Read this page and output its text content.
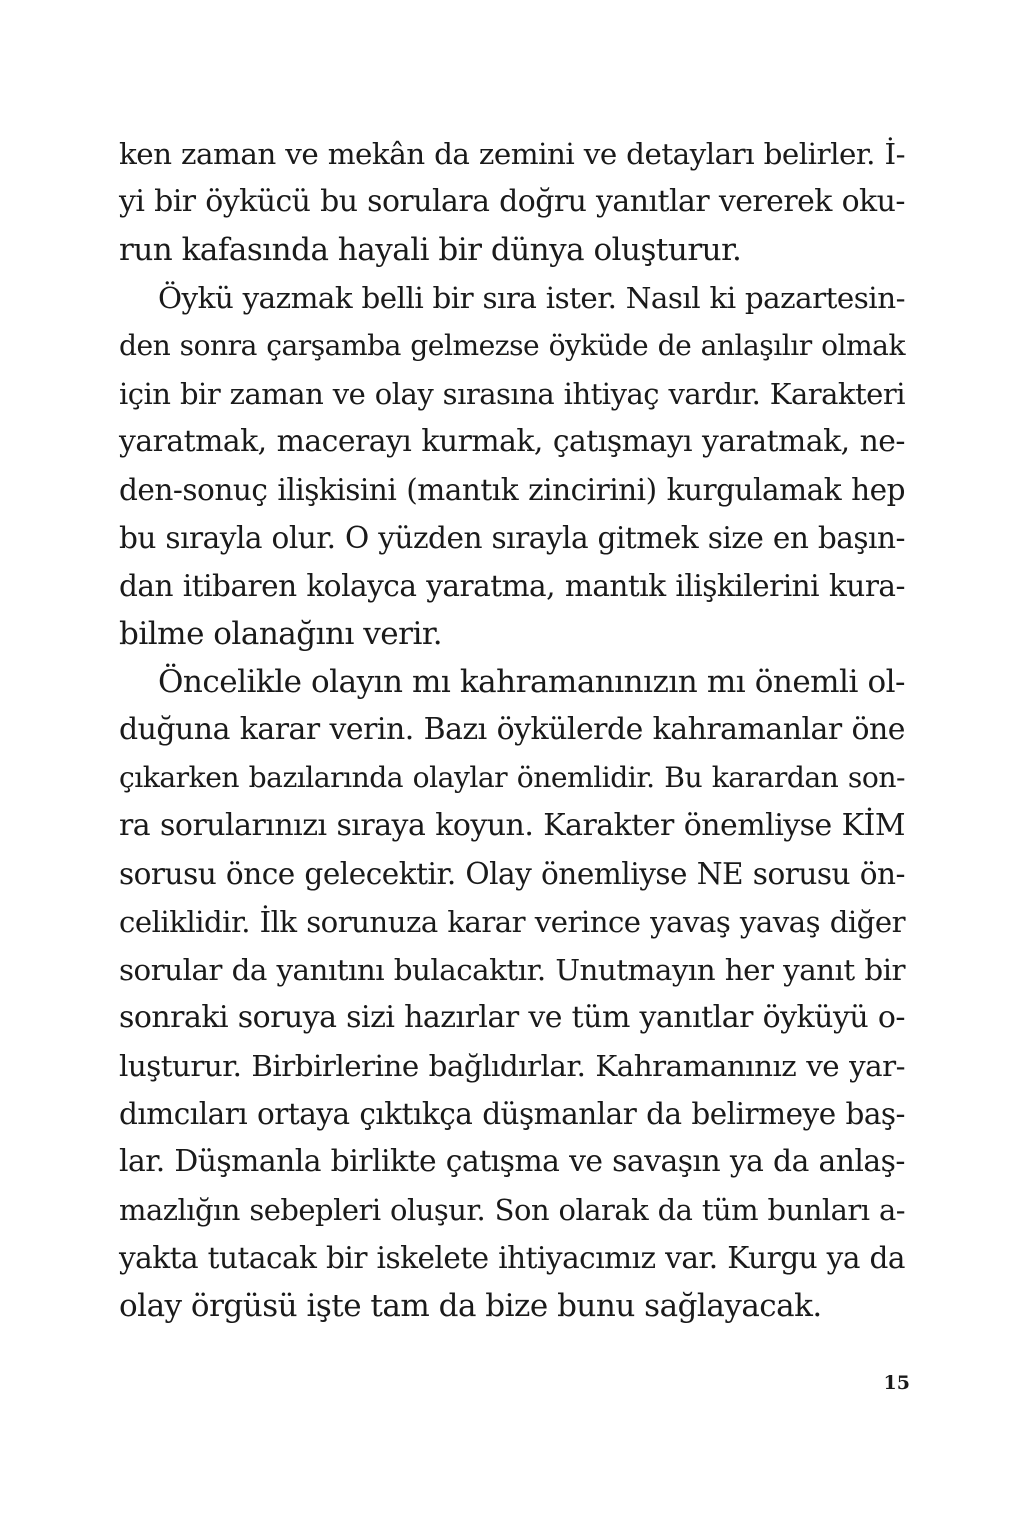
ken zaman ve mekân da zemini ve detayları belirler. İ-
yi bir öykücü bu sorulara doğru yanıtlar vererek oku-
run kafasında hayali bir dünya oluşturur.
Öykü yazmak belli bir sıra ister. Nasıl ki pazartesin-
den sonra çarşamba gelmezse öyküde de anlaşılır olmak
için bir zaman ve olay sırasına ihtiyaç vardır. Karakteri
yaratmak, macerayı kurmak, çatışmayı yaratmak, ne-
den-sonuç ilişkisini (mantık zincirini) kurgulamak hep
bu sırayla olur. O yüzden sırayla gitmek size en başın-
dan itibaren kolayca yaratma, mantık ilişkilerini kura-
bilme olanağını verir.
Öncelikle olayın mı kahramanınızın mı önemli ol-
duğuna karar verin. Bazı öykülerde kahramanlar öne
çıkarken bazılarında olaylar önemlidir. Bu karardan son-
ra sorularınızı sıraya koyun. Karakter önemliyse KİM
sorusu önce gelecektir. Olay önemliyse NE sorusu ön-
celiklidir. İlk sorunuza karar verince yavaş yavaş diğer
sorular da yanıtını bulacaktır. Unutmayın her yanıt bir
sonraki soruya sizi hazırlar ve tüm yanıtlar öyküyü o-
luşturur. Birbirlerine bağlıdırlar. Kahramanınız ve yar-
dımcıları ortaya çıktıkça düşmanlar da belirmeye baş-
lar. Düşmanla birlikte çatışma ve savaşın ya da anlaş-
mazlığın sebepleri oluşur. Son olarak da tüm bunları a-
yakta tutacak bir iskelete ihtiyacımız var. Kurgu ya da
olay örgüsü işte tam da bize bunu sağlayacak.
15
